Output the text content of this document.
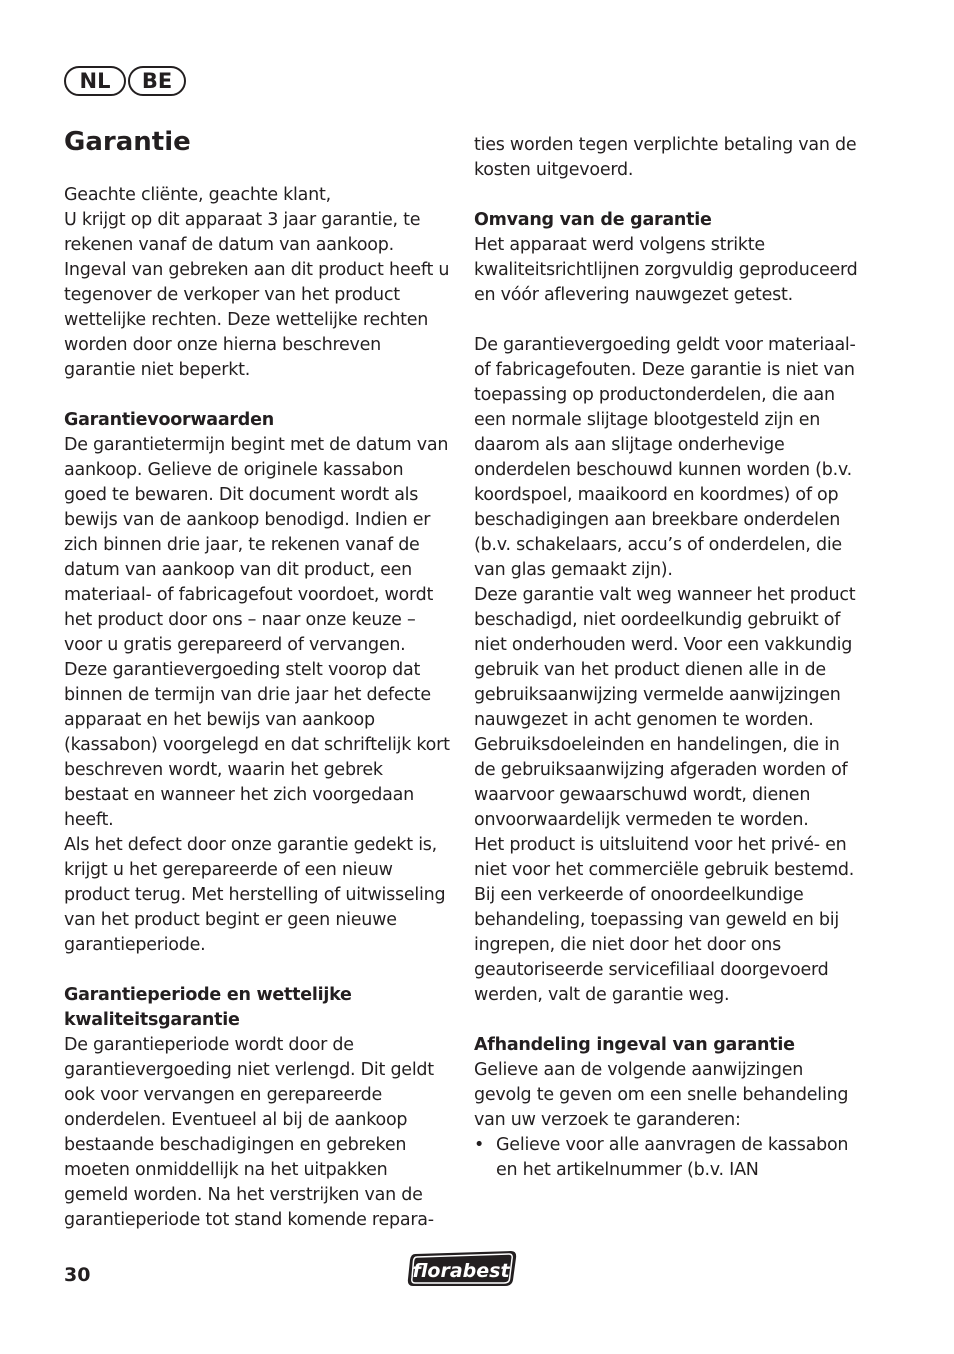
NL	BE
Garantie

Geachte cliënte, geachte klant,
U krijgt op dit apparaat 3 jaar garantie, te rekenen vanaf de datum van aankoop. Ingeval van gebreken aan dit product heeft u tegenover de verkoper van het product wettelijke rechten. Deze wettelijke rechten worden door onze hierna beschreven garantie niet beperkt.

Garantievoorwaarden

De garantietermijn begint met de datum van aankoop. Gelieve de originele kassabon goed te bewaren. Dit document wordt als bewijs van de aankoop benodigd. Indien er zich binnen drie jaar, te rekenen vanaf de datum van aankoop van dit product, een materiaal- of fabricagefout voordoet, wordt het product door ons – naar onze keuze – voor u gratis gerepareerd of vervangen. Deze garantievergoeding stelt voorop dat binnen de termijn van drie jaar het defecte apparaat en het bewijs van aankoop (kassabon) voorgelegd en dat schriftelijk kort beschreven wordt, waarin het gebrek bestaat en wanneer het zich voorgedaan heeft.

Als het defect door onze garantie gedekt is, krijgt u het gerepareerde of een nieuw product terug. Met herstelling of uitwisseling van het product begint er geen nieuwe garantieperiode.

Garantieperiode en wettelijke kwaliteitsgarantie

De garantieperiode wordt door de garantievergoeding niet verlengd. Dit geldt ook voor vervangen en gerepareerde onderdelen. Eventueel al bij de aankoop bestaande beschadigingen en gebreken moeten onmiddellijk na het uitpakken gemeld worden. Na het verstrijken van de garantieperiode tot stand komende repara-

ties worden tegen verplichte betaling van de kosten uitgevoerd.

Omvang van de garantie

Het apparaat werd volgens strikte kwaliteitsrichtlijnen zorgvuldig geproduceerd en vóór aflevering nauwgezet getest.

De garantievergoeding geldt voor materiaal- of fabricagefouten. Deze garantie is niet van toepassing op productonderdelen, die aan een normale slijtage blootgesteld zijn en daarom als aan slijtage onderhevige onderdelen beschouwd kunnen worden (b.v. koordspoel, maaikoord en koordmes) of op beschadigingen aan breekbare onderdelen (b.v. schakelaars, accu’s of onderdelen, die van glas gemaakt zijn).

Deze garantie valt weg wanneer het product beschadigd, niet oordeelkundig gebruikt of niet onderhouden werd. Voor een vakkundig gebruik van het product dienen alle in de gebruiksaanwijzing vermelde aanwijzingen nauwgezet in acht genomen te worden. Gebruiksdoeleinden en handelingen, die in de gebruiksaanwijzing afgeraden worden of waarvoor gewaarschuwd wordt, dienen onvoorwaardelijk vermeden te worden.

Het product is uitsluitend voor het privé- en niet voor het commerciële gebruik bestemd. Bij een verkeerde of onoordeelkundige behandeling, toepassing van geweld en bij ingrepen, die niet door het door ons geautoriseerde servicefiliaal doorgevoerd werden, valt de garantie weg.

Afhandeling ingeval van garantie

Gelieve aan de volgende aanwijzingen gevolg te geven om een snelle behandeling van uw verzoek te garanderen:

• Gelieve voor alle aanvragen de kassabon en het artikelnummer (b.v. IAN
30	florabest
